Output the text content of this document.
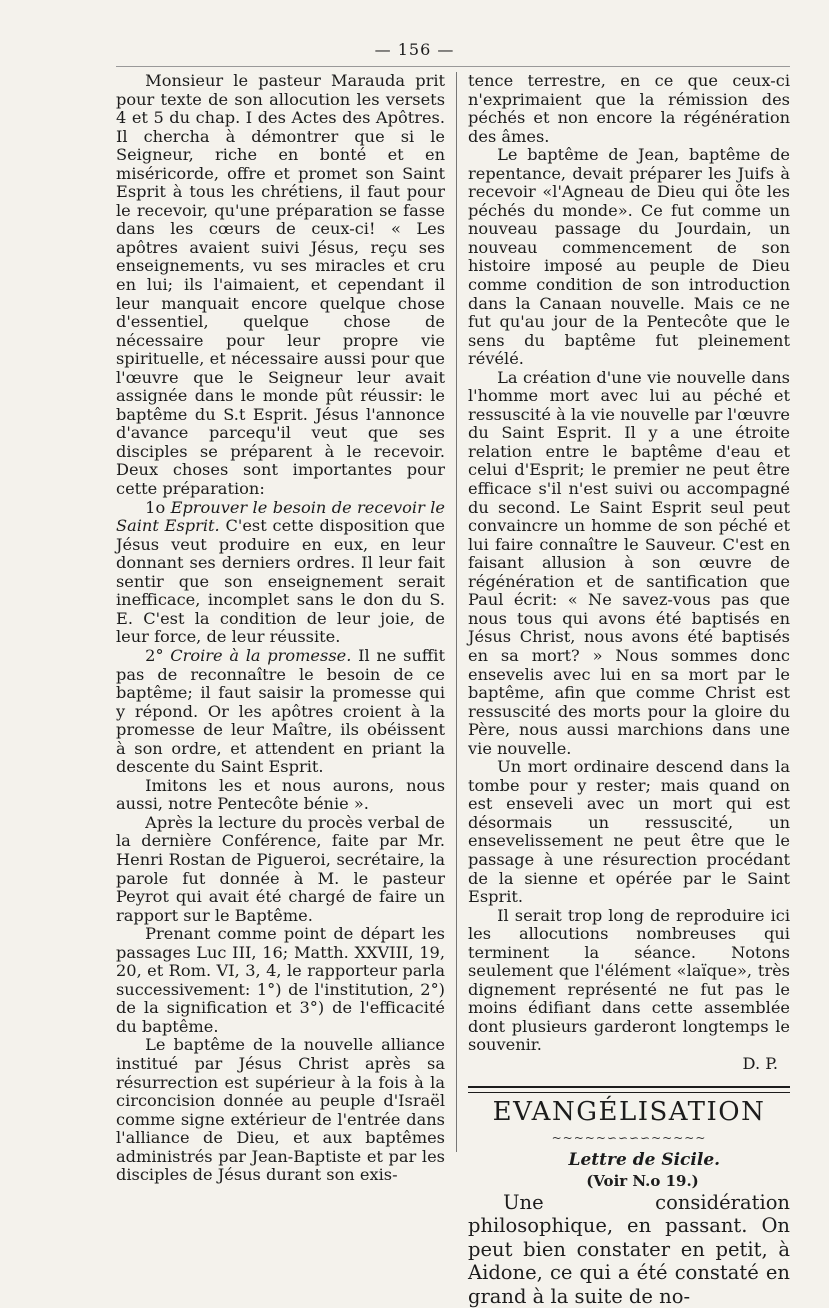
— 156 —

Monsieur le pasteur Marauda prit pour texte de son allocution les versets 4 et 5 du chap. I des Actes des Apôtres. Il chercha à démontrer que si le Seigneur, riche en bonté et en miséricorde, offre et promet son Saint Esprit à tous les chrétiens, il faut pour le recevoir, qu'une préparation se fasse dans les cœurs de ceux-ci! « Les apôtres avaient suivi Jésus, reçu ses enseignements, vu ses miracles et cru en lui; ils l'aimaient, et cependant il leur manquait encore quelque chose d'essentiel, quelque chose de nécessaire pour leur propre vie spirituelle, et nécessaire aussi pour que l'œuvre que le Seigneur leur avait assignée dans le monde pût réussir: le baptême du S.t Esprit. Jésus l'annonce d'avance parcequ'il veut que ses disciples se préparent à le recevoir. Deux choses sont importantes pour cette préparation:

1o Eprouver le besoin de recevoir le Saint Esprit. C'est cette disposition que Jésus veut produire en eux, en leur donnant ses derniers ordres. Il leur fait sentir que son enseignement serait inefficace, incomplet sans le don du S. E. C'est la condition de leur joie, de leur force, de leur réussite.

2° Croire à la promesse. Il ne suffit pas de reconnaître le besoin de ce baptême; il faut saisir la promesse qui y répond. Or les apôtres croient à la promesse de leur Maître, ils obéissent à son ordre, et attendent en priant la descente du Saint Esprit.

Imitons les et nous aurons, nous aussi, notre Pentecôte bénie ».

Après la lecture du procès verbal de la dernière Conférence, faite par Mr. Henri Rostan de Pigueroi, secrétaire, la parole fut donnée à M. le pasteur Peyrot qui avait été chargé de faire un rapport sur le Baptême.

Prenant comme point de départ les passages Luc III, 16; Matth. XXVIII, 19, 20, et Rom. VI, 3, 4, le rapporteur parla successivement: 1°) de l'institution, 2°) de la signification et 3°) de l'efficacité du baptême.

Le baptême de la nouvelle alliance institué par Jésus Christ après sa résurrection est supérieur à la fois à la circoncision donnée au peuple d'Israël comme signe extérieur de l'entrée dans l'alliance de Dieu, et aux baptêmes administrés par Jean-Baptiste et par les disciples de Jésus durant son exis-

tence terrestre, en ce que ceux-ci n'exprimaient que la rémission des péchés et non encore la régénération des âmes.

Le baptême de Jean, baptême de repentance, devait préparer les Juifs à recevoir «l'Agneau de Dieu qui ôte les péchés du monde». Ce fut comme un nouveau passage du Jourdain, un nouveau commencement de son histoire imposé au peuple de Dieu comme condition de son introduction dans la Canaan nouvelle. Mais ce ne fut qu'au jour de la Pentecôte que le sens du baptême fut pleinement révélé.

La création d'une vie nouvelle dans l'homme mort avec lui au péché et ressuscité à la vie nouvelle par l'œuvre du Saint Esprit. Il y a une étroite relation entre le baptême d'eau et celui d'Esprit; le premier ne peut être efficace s'il n'est suivi ou accompagné du second. Le Saint Esprit seul peut convaincre un homme de son péché et lui faire connaître le Sauveur. C'est en faisant allusion à son œuvre de régénération et de santification que Paul écrit: « Ne savez-vous pas que nous tous qui avons été baptisés en Jésus Christ, nous avons été baptisés en sa mort? » Nous sommes donc ensevelis avec lui en sa mort par le baptême, afin que comme Christ est ressuscité des morts pour la gloire du Père, nous aussi marchions dans une vie nouvelle.

Un mort ordinaire descend dans la tombe pour y rester; mais quand on est enseveli avec un mort qui est désormais un ressuscité, un ensevelissement ne peut être que le passage à une résurection procédant de la sienne et opérée par le Saint Esprit.

Il serait trop long de reproduire ici les allocutions nombreuses qui terminent la séance. Notons seulement que l'élément «laïque», très dignement représenté ne fut pas le moins édifiant dans cette assemblée dont plusieurs garderont longtemps le souvenir.

D. P.

EVANGÉLISATION
~~~~~∽∽∽∽~~~~~

Lettre de Sicile.

(Voir N.o 19.)

Une considération philosophique, en passant. On peut bien constater en petit, à Aidone, ce qui a été constaté en grand à la suite de no-
